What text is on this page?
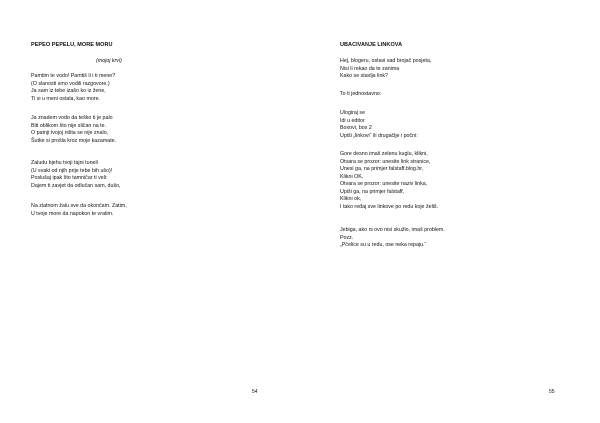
PEPEO PEPELU, MORE MORU
(mojoj krvi)
Pamtim te vodo! Pamtiš li i ti mene?
(O slanosti smo vodili razgovore.)
Ja sam iz tebe izašo ko iz žene,
Ti si u meni ostala, kao more.
Ja znadem vodo da teško ti je palo
Biti oblikom što nije sličan na te.
O patnji tvojoj ništa se nije znalo,
Šutke si prošla kroz moje kazamate.
Zaludu bjehu tvoji tajni tuneli
(U svaki od njih prije tebe bih ušo)!
Poslušaj ipak što tamničar ti veli:
Dajem ti zavjet da odlučan sam, dušo,
Na zlatnom žalu sve da okončam. Zatim,
U tvoje more da napokon te vratim.
54
UBACIVANJE LINKOVA
Hej, blogeru, ostavi sad brojač posjeta,
Nisi li rekao da te zanima
Kako se stavlja link?
To ti jednostavno:
Ulogiraj se
Idi u editor
Boxovi, box 2
Upiši „linkovi“ ili drugačije i počni:
Gore desno imaš zelenu kuglu, klikni,
Otvara se prozor: unesite link stranice,
Unesi ga, na primjer falstaff.blog.hr,
Klikni OK,
Otvara se prozor: unesite naziv linka,
Upiši ga, na primjer falstaff,
Klikni ok,
I tako ređaj sve linkove po redu koje želiš.
Jebiga, ako ni ovo nisi skužio, imaš problem.
Pozz.
„Pčelice su u redu, ose neka repaju.“
55
